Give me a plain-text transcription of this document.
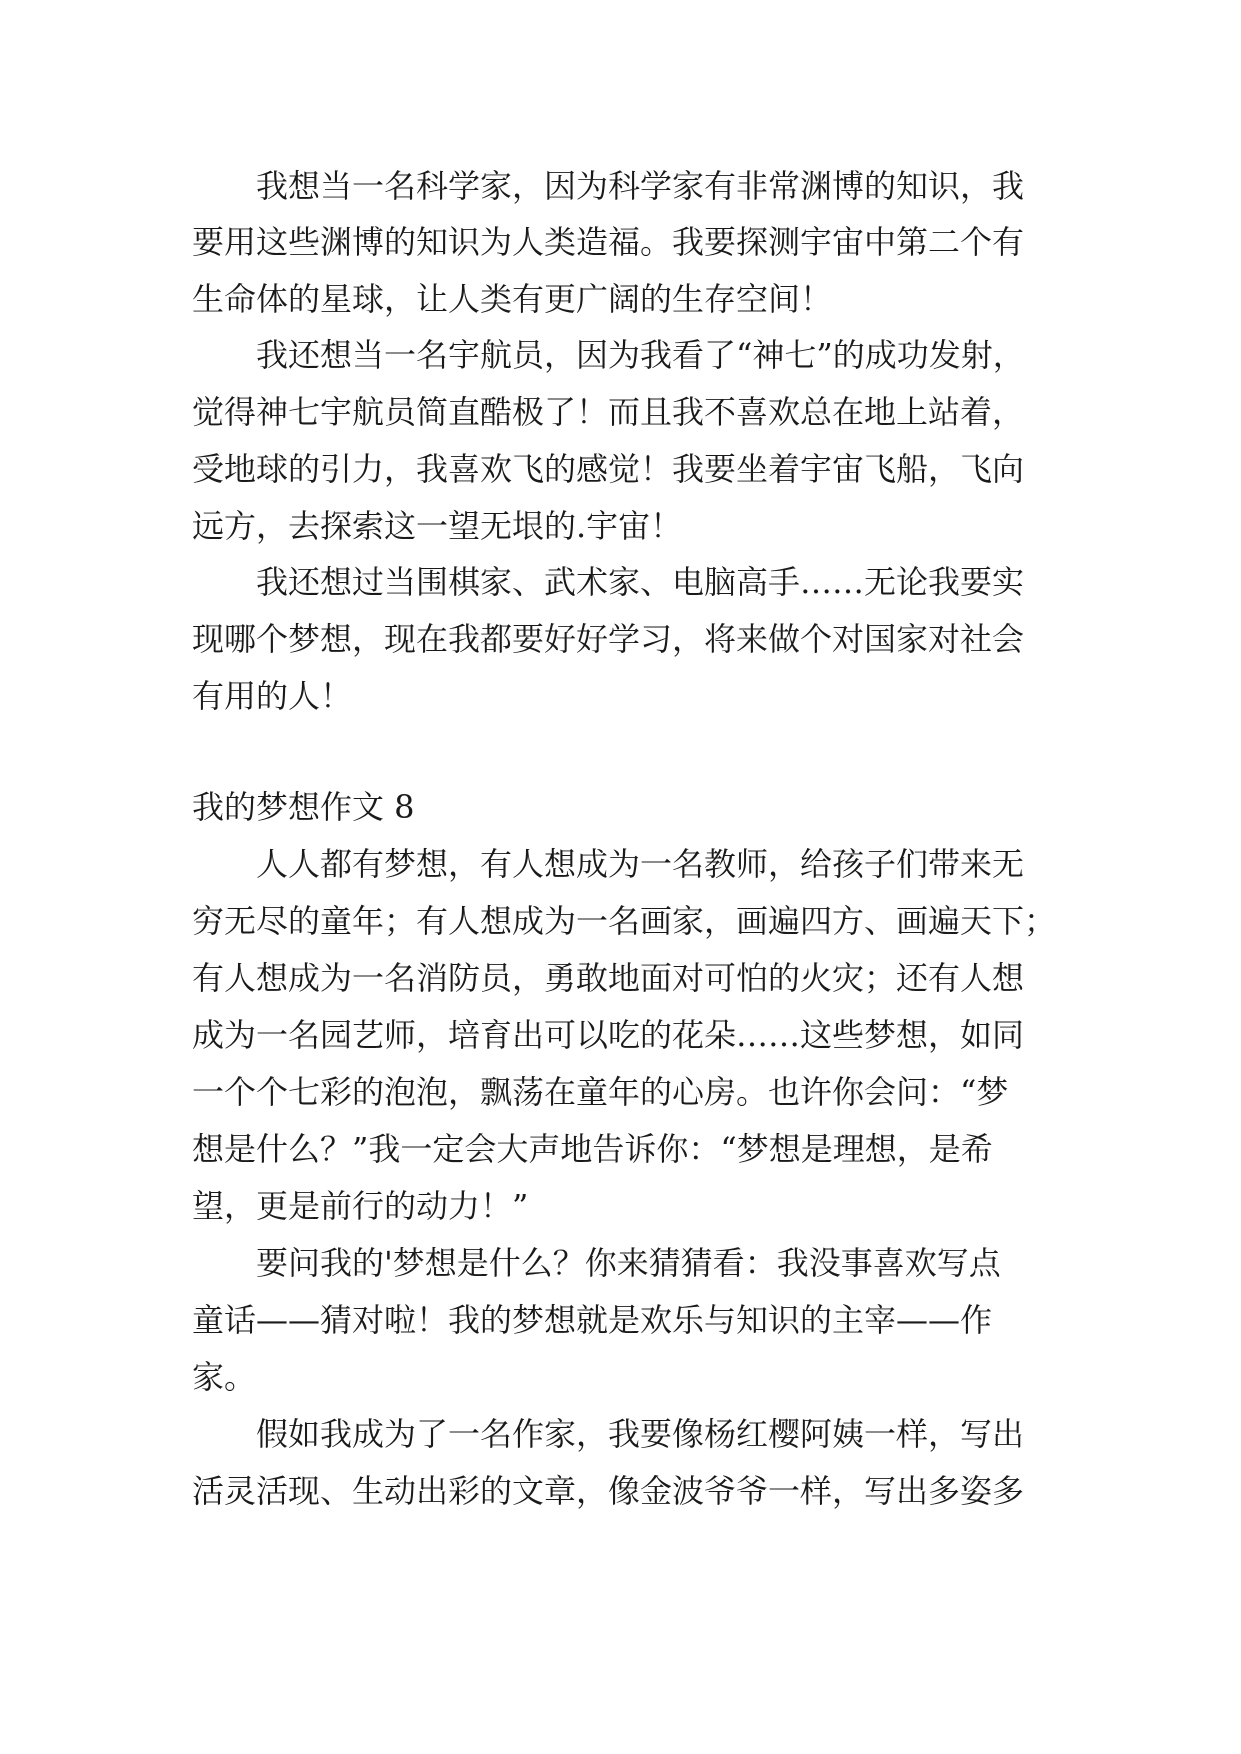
我想当一名科学家，因为科学家有非常渊博的知识，我
要用这些渊博的知识为人类造福。我要探测宇宙中第二个有
生命体的星球，让人类有更广阔的生存空间！
我还想当一名宇航员，因为我看了“神七”的成功发射，
觉得神七宇航员简直酷极了！而且我不喜欢总在地上站着，
受地球的引力，我喜欢飞的感觉！我要坐着宇宙飞船，飞向
远方，去探索这一望无垠的.宇宙！
我还想过当围棋家、武术家、电脑高手……无论我要实
现哪个梦想，现在我都要好好学习，将来做个对国家对社会
有用的人！
我的梦想作文 8
人人都有梦想，有人想成为一名教师，给孩子们带来无
穷无尽的童年；有人想成为一名画家，画遍四方、画遍天下；
有人想成为一名消防员，勇敢地面对可怕的火灾；还有人想
成为一名园艺师，培育出可以吃的花朵……这些梦想，如同
一个个七彩的泡泡，飘荡在童年的心房。也许你会问：“梦
想是什么？”我一定会大声地告诉你：“梦想是理想，是希
望，更是前行的动力！”
要问我的'梦想是什么？你来猜猜看：我没事喜欢写点
童话——猜对啦！我的梦想就是欢乐与知识的主宰——作
家。
假如我成为了一名作家，我要像杨红樱阿姨一样，写出
活灵活现、生动出彩的文章，像金波爷爷一样，写出多姿多
